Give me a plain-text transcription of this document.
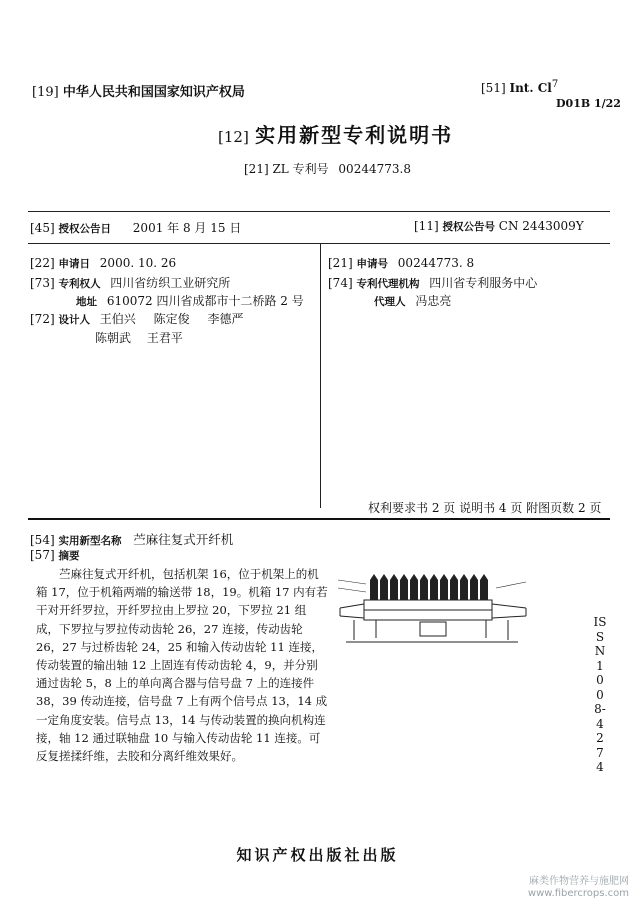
[19] 中华人民共和国国家知识产权局	[51] Int. Cl$^7$
D01B 1/22
[12] 实用新型专利说明书
[21] ZL 专利号 00244773.8
[45] 授权公告日 2001 年 8 月 15 日	[11] 授权公告号 CN 2443009Y
[22] 申请日 2000. 10. 26
[73] 专利权人 四川省纺织工业研究所
地址 610072 四川省成都市十二桥路 2 号
[72] 设计人 王伯兴 陈定俊 李德严
陈朝武 王君平
[21] 申请号 00244773. 8
[74] 专利代理机构 四川省专利服务中心
代理人 冯忠亮
权利要求书 2 页 说明书 4 页 附图页数 2 页
[54] 实用新型名称 苎麻往复式开纤机
[57] 摘要
苎麻往复式开纤机，包括机架 16，位于机架上的机箱 17，位于机箱两端的输送带 18，19。机箱 17 内有若干对开纤罗拉，开纤罗拉由上罗拉 20，下罗拉 21 组成，下罗拉与罗拉传动齿轮 26，27 连接，传动齿轮 26，27 与过桥齿轮 24，25 和输入传动齿轮 11 连接，传动装置的输出轴 12 上固连有传动齿轮 4，9，并分别通过齿轮 5，8 上的单向离合器与信号盘 7 上的连接件 38，39 传动连接，信号盘 7 上有两个信号点 13，14 成一定角度安装。信号点 13，14 与传动装置的换向机构连接，轴 12 通过联轴盘 10 与输入传动齿轮 11 连接。可反复搓揉纤维，去胶和分离纤维效果好。
ISSN1008-4274
知识产权出版社出版
麻类作物营养与施肥网
www.fibercrops.com
